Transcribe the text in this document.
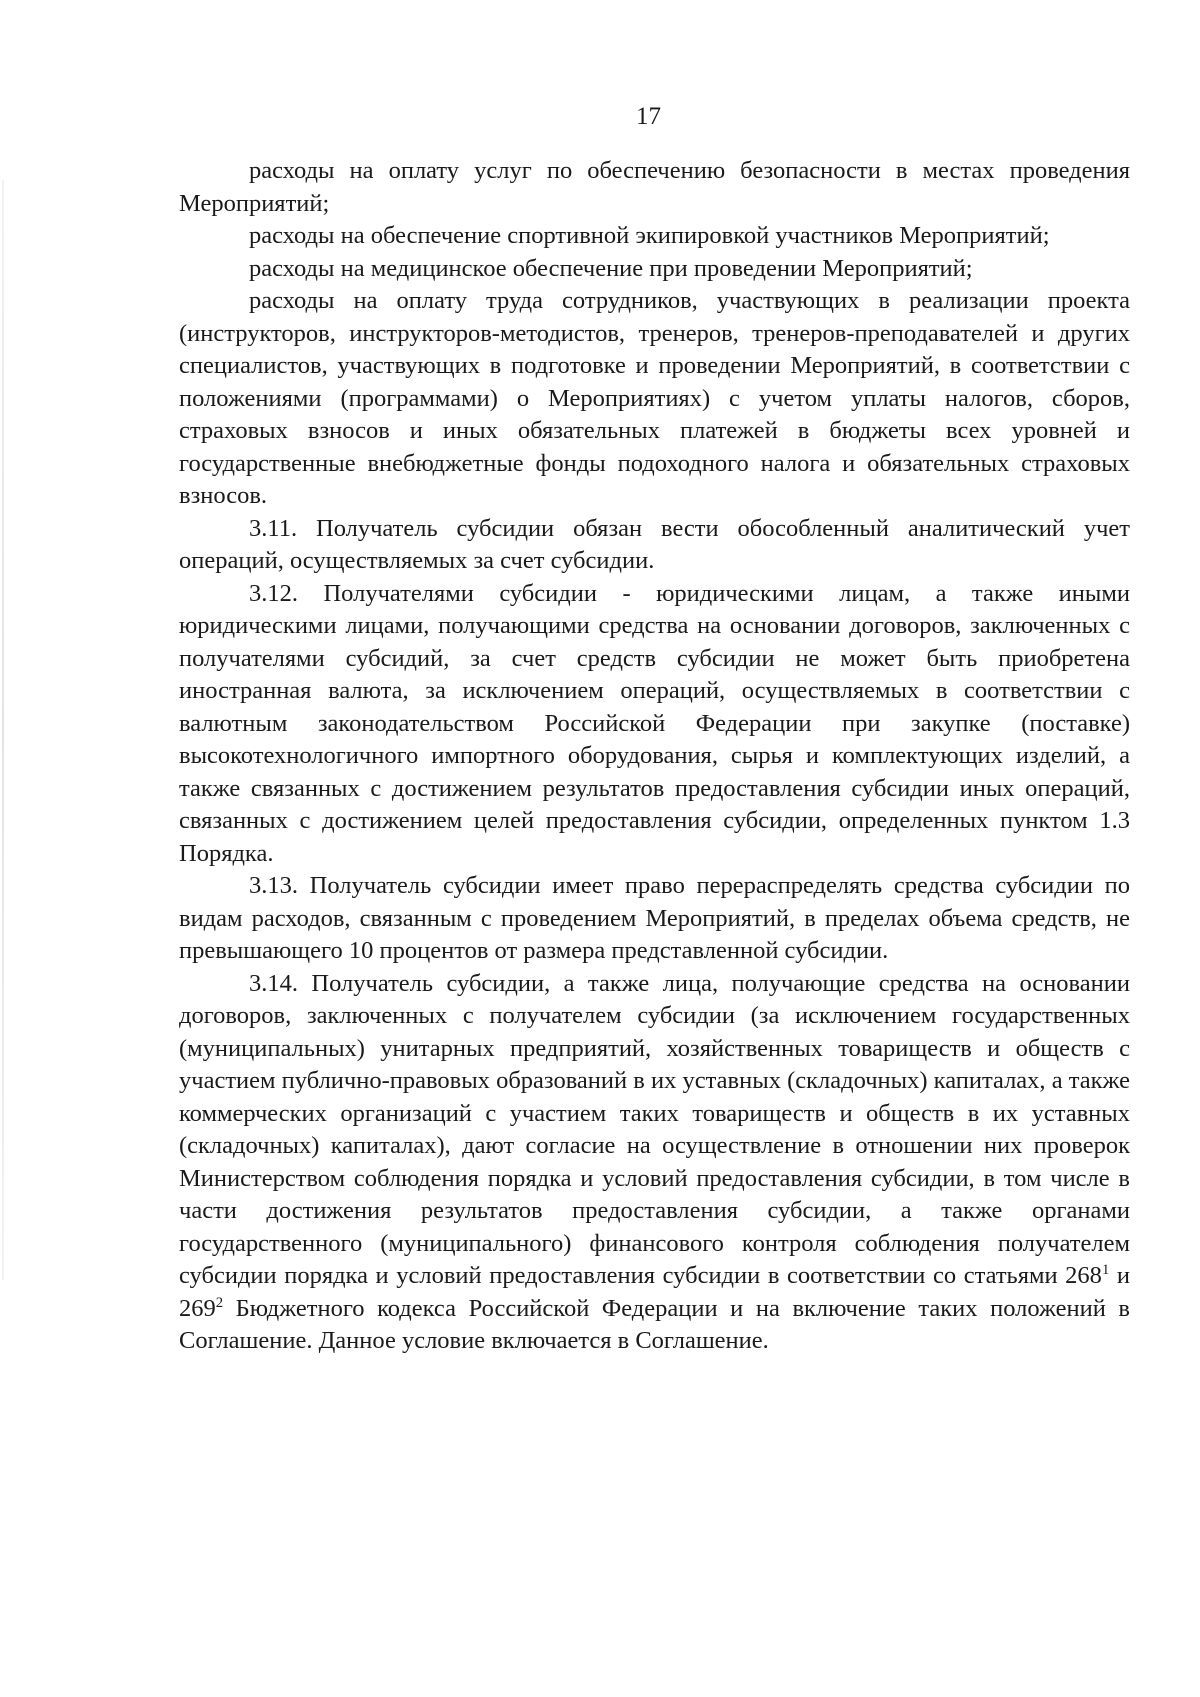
17

расходы на оплату услуг по обеспечению безопасности в местах проведения Мероприятий;

расходы на обеспечение спортивной экипировкой участников Мероприятий;

расходы на медицинское обеспечение при проведении Мероприятий;

расходы на оплату труда сотрудников, участвующих в реализации проекта (инструкторов, инструкторов-методистов, тренеров, тренеров-преподавателей и других специалистов, участвующих в подготовке и проведении Мероприятий, в соответствии с положениями (программами) о Мероприятиях) с учетом уплаты налогов, сборов, страховых взносов и иных обязательных платежей в бюджеты всех уровней и государственные внебюджетные фонды подоходного налога и обязательных страховых взносов.

3.11. Получатель субсидии обязан вести обособленный аналитический учет операций, осуществляемых за счет субсидии.

3.12. Получателями субсидии - юридическими лицам, а также иными юридическими лицами, получающими средства на основании договоров, заключенных с получателями субсидий, за счет средств субсидии не может быть приобретена иностранная валюта, за исключением операций, осуществляемых в соответствии с валютным законодательством Российской Федерации при закупке (поставке) высокотехнологичного импортного оборудования, сырья и комплектующих изделий, а также связанных с достижением результатов предоставления субсидии иных операций, связанных с достижением целей предоставления субсидии, определенных пунктом 1.3 Порядка.

3.13. Получатель субсидии имеет право перераспределять средства субсидии по видам расходов, связанным с проведением Мероприятий, в пределах объема средств, не превышающего 10 процентов от размера представленной субсидии.

3.14. Получатель субсидии, а также лица, получающие средства на основании договоров, заключенных с получателем субсидии (за исключением государственных (муниципальных) унитарных предприятий, хозяйственных товариществ и обществ с участием публично-правовых образований в их уставных (складочных) капиталах, а также коммерческих организаций с участием таких товариществ и обществ в их уставных (складочных) капиталах), дают согласие на осуществление в отношении них проверок Министерством соблюдения порядка и условий предоставления субсидии, в том числе в части достижения результатов предоставления субсидии, а также органами государственного (муниципального) финансового контроля соблюдения получателем субсидии порядка и условий предоставления субсидии в соответствии со статьями $268^1$ и $269^2$ Бюджетного кодекса Российской Федерации и на включение таких положений в Соглашение. Данное условие включается в Соглашение.
